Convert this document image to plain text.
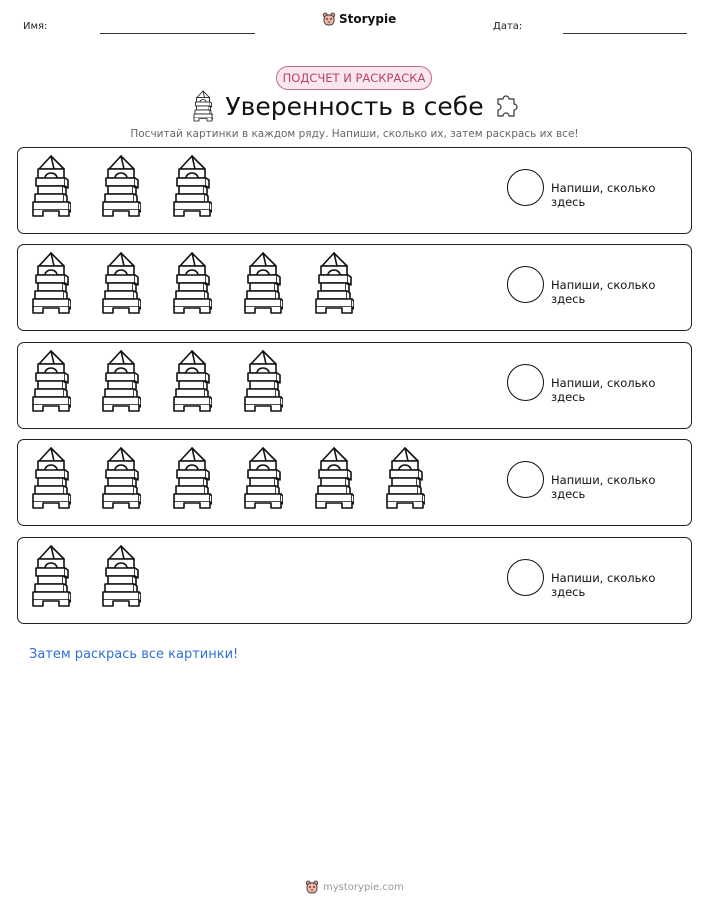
Имя:
Storypie
Дата:
ПОДСЧЕТ И РАСКРАСКА
Уверенность в себе
Посчитай картинки в каждом ряду. Напиши, сколько их, затем раскрась их все!
Напиши, сколько здесь
Напиши, сколько здесь
Напиши, сколько здесь
Напиши, сколько здесь
Напиши, сколько здесь
Затем раскрась все картинки!
mystorypie.com
